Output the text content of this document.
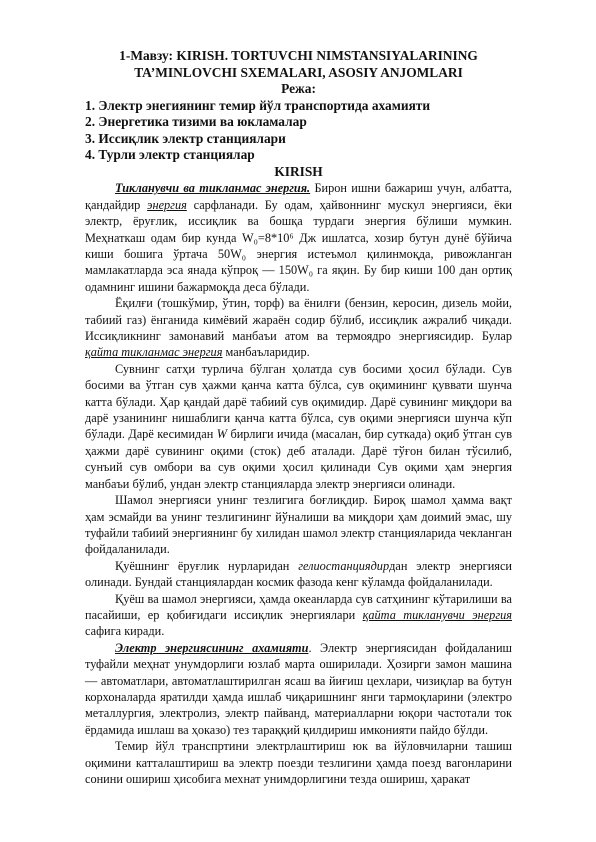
1-Мавзу: KIRISH. TORTUVCHI NIMSTANSIYALARINING
TA’MINLOVCHI SXEMALARI, ASOSIY ANJOMLARI
Режа:
1. Электр энегиянинг темир йўл транспортида ахамияти
2. Энергетика тизими ва юкламалар
3. Иссиқлик электр станциялари
4. Турли электр станциялар
KIRISH

Тикланувчи ва тикланмас энергия. Бирон ишни бажариш учун, албатта, қандайдир энергия сарфланади. Бу одам, ҳайвоннинг мускул энергияси, ёки электр, ёруғлик, иссиқлик ва бошқа турдаги энергия бўлиши мумкин. Меҳнаткаш одам бир кунда W₀=8*10⁶ Дж ишлатса, хозир бутун дунё бўйича киши бошига ўртача 50W₀ энергия истеъмол қилинмоқда, ривожланган мамлакатларда эса янада кўпроқ — 150W₀ га яқин. Бу бир киши 100 дан ортиқ одамнинг ишини бажармоқда деса бўлади.

Ёқилғи (тошкўмир, ўтин, торф) ва ёнилғи (бензин, керосин, дизель мойи, табиий газ) ёнганида кимёвий жараён содир бўлиб, иссиқлик ажралиб чиқади. Иссиқликнинг замонавий манбаъи атом ва термоядро энергиясидир. Булар қайта тикланмас энергия манбаъларидир.

Сувнинг сатҳи турлича бўлган ҳолатда сув босими ҳосил бўлади. Сув босими ва ўтган сув ҳажми қанча катта бўлса, сув оқимининг қуввати шунча катта бўлади. Ҳар қандай дарё табиий сув оқимидир. Дарё сувининг миқдори ва дарё узанининг нишаблиги қанча катта бўлса, сув оқими энергияси шунча кўп бўлади. Дарё кесимидан W бирлиги ичида (масалан, бир суткада) оқиб ўтган сув ҳажми дарё сувининг оқими (сток) деб аталади. Дарё тўғон билан тўсилиб, сунъий сув омбори ва сув оқими ҳосил қилинади Сув оқими ҳам энергия манбаъи бўлиб, ундан электр станцияларда электр энергияси олинади.

Шамол энергияси унинг тезлигига боғлиқдир. Бироқ шамол ҳамма вақт ҳам эсмайди ва унинг тезлигининг йўналиши ва миқдори ҳам доимий эмас, шу туфайли табиий энергиянинг бу хилидан шамол электр станцияларида чекланган фойдаланилади.

Қуёшнинг ёруғлик нурларидан гелиостанциядирдан электр энергияси олинади. Бундай станциялардан космик фазода кенг кўламда фойдаланилади.

Қуёш ва шамол энергияси, ҳамда океанларда сув сатҳининг кўтарилиши ва пасайиши, ер қобиғидаги иссиқлик энергиялари қайта тикланувчи энергия сафига киради.

Электр энергиясининг ахамияти. Электр энергиясидан фойдаланиш туфайли меҳнат унумдорлиги юзлаб марта оширилади. Ҳозирги замон машина — автоматлари, автоматлаштирилган ясаш ва йиғиш цехлари, чизиқлар ва бутун корхоналарда яратилди ҳамда ишлаб чиқаришнинг янги тармоқларини (электро металлургия, электролиз, электр пайванд, материалларни юқори частотали ток ёрдамида ишлаш ва ҳоказо) тез тараққий қилдириш имконияти пайдо бўлди.

Темир йўл транспртини электрлаштириш юк ва йўловчиларни ташиш оқимини катталаштириш ва электр поезди тезлигини ҳамда поезд вагонларини сонини ошириш ҳисобига мехнат унимдорлигини тезда ошириш, ҳаракат
